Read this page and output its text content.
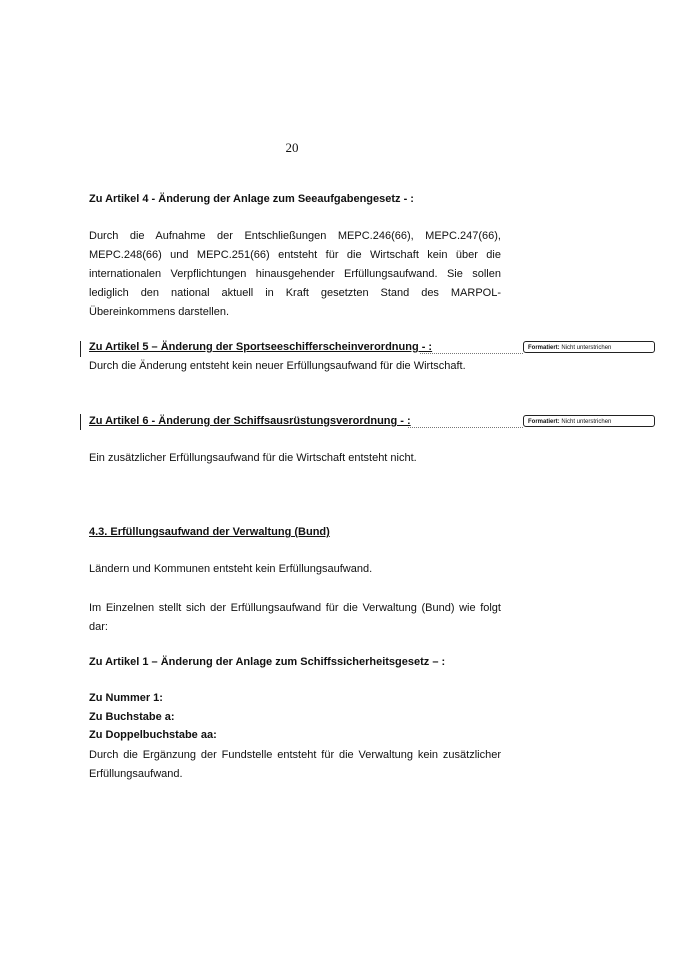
20
Zu Artikel 4 - Änderung der Anlage zum Seeaufgabengesetz - :
Durch die Aufnahme der Entschließungen MEPC.246(66), MEPC.247(66), MEPC.248(66) und MEPC.251(66) entsteht für die Wirtschaft kein über die internationalen Verpflichtungen hinausgehender Erfüllungsaufwand. Sie sollen lediglich den national aktuell in Kraft gesetzten Stand des MARPOL-Übereinkommens darstellen.
Zu Artikel 5 – Änderung der Sportseeschifferscheinverordnung - :	Formatiert: Nicht unterstrichen
Durch die Änderung entsteht kein neuer Erfüllungsaufwand für die Wirtschaft.
Zu Artikel 6 - Änderung der Schiffsausrüstungsverordnung - :	Formatiert: Nicht unterstrichen
Ein zusätzlicher Erfüllungsaufwand für die Wirtschaft entsteht nicht.
4.3. Erfüllungsaufwand der Verwaltung (Bund)
Ländern und Kommunen entsteht kein Erfüllungsaufwand.
Im Einzelnen stellt sich der Erfüllungsaufwand für die Verwaltung (Bund) wie folgt dar:
Zu Artikel 1 – Änderung der Anlage zum Schiffssicherheitsgesetz – :
Zu Nummer 1:
Zu Buchstabe a:
Zu Doppelbuchstabe aa:
Durch die Ergänzung der Fundstelle entsteht für die Verwaltung kein zusätzlicher Erfüllungsaufwand.
